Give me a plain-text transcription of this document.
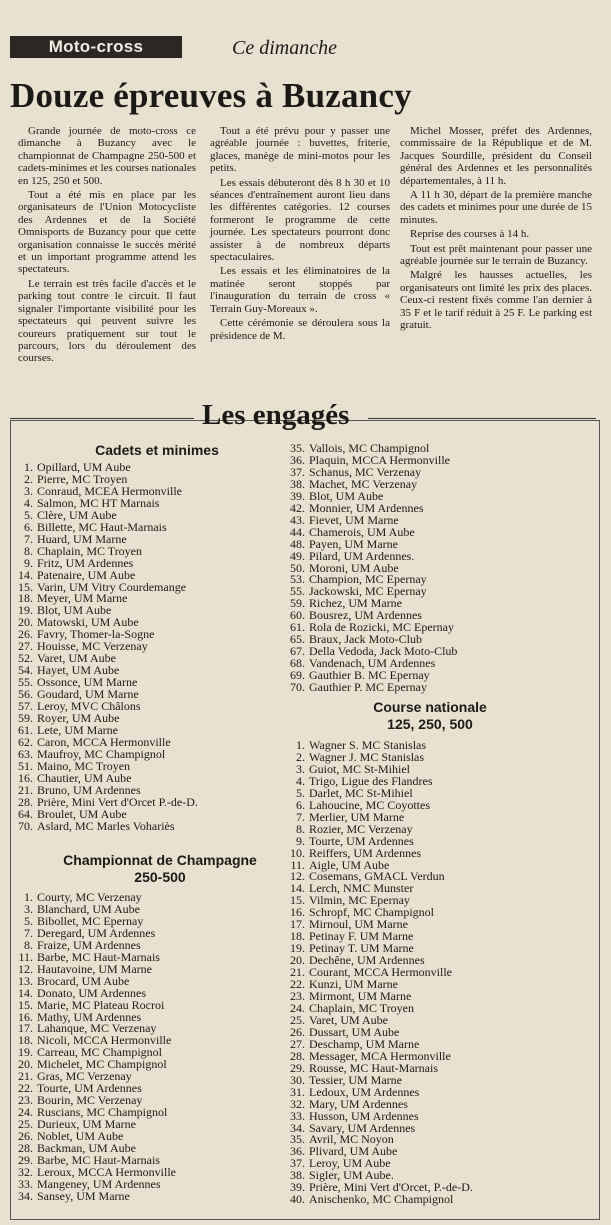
Moto-cross	Ce dimanche
Douze épreuves à Buzancy

Grande journée de moto-cross ce dimanche à Buzancy avec le championnat de Champagne 250-500 et cadets-minimes et les courses nationales en 125, 250 et 500.

Tout a été mis en place par les organisateurs de l'Union Motocycliste des Ardennes et de la Société Omnisports de Buzancy pour que cette organisation connaisse le succès mérité et un important programme attend les spectateurs.

Le terrain est très facile d'accès et le parking tout contre le circuit. Il faut signaler l'importante visibilité pour les spectateurs qui peuvent suivre les coureurs pratiquement sur tout le parcours, lors du déroulement des courses.

Tout a été prévu pour y passer une agréable journée : buvettes, friterie, glaces, manège de mini-motos pour les petits.

Les essais débuteront dès 8 h 30 et 10 séances d'entraînement auront lieu dans les différentes catégories. 12 courses formeront le programme de cette journée. Les spectateurs pourront donc assister à de nombreux départs spectaculaires.

Les essais et les éliminatoires de la matinée seront stoppés par l'inauguration du terrain de cross « Terrain Guy-Moreaux ».

Cette cérémonie se déroulera sous la présidence de M.

Michel Mosser, préfet des Ardennes, commissaire de la République et de M. Jacques Sourdille, président du Conseil général des Ardennes et les personnalités départementales, à 11 h.

A 11 h 30, départ de la première manche des cadets et minimes pour une durée de 15 minutes.

Reprise des courses à 14 h.

Tout est prêt maintenant pour passer une agréable journée sur le terrain de Buzancy.

Malgré les hausses actuelles, les organisateurs ont limité les prix des places. Ceux-ci restent fixés comme l'an dernier à 35 F et le tarif réduit à 25 F. Le parking est gratuit.

Les engagés
Cadets et minimes
1. Opillard, UM Aube
2. Pierre, MC Troyen
3. Conraud, MCEA Hermonville
4. Salmon, MC HT Marnais
5. Clère, UM Aube
6. Billette, MC Haut-Marnais
7. Huard, UM Marne
8. Chaplain, MC Troyen
9. Fritz, UM Ardennes
14. Patenaire, UM Aube
15. Varin, UM Vitry Courdemange
18. Meyer, UM Marne
19. Blot, UM Aube
20. Matowski, UM Aube
26. Favry, Thomer-la-Sogne
27. Houisse, MC Verzenay
52. Varet, UM Aube
54. Hayet, UM Aube
55. Ossonce, UM Marne
56. Goudard, UM Marne
57. Leroy, MVC Châlons
59. Royer, UM Aube
61. Lete, UM Marne
62. Caron, MCCA Hermonville
63. Maufroy, MC Champignol
51. Maino, MC Troyen
16. Chautier, UM Aube
21. Bruno, UM Ardennes
28. Prière, Mini Vert d'Orcet P.-de-D.
64. Broulet, UM Aube
70. Aslard, MC Marles Vohariès
Championnat de Champagne
250-500
1. Courty, MC Verzenay
3. Blanchard, UM Aube
5. Bibollet, MC Epernay
7. Deregard, UM Ardennes
8. Fraize, UM Ardennes
11. Barbe, MC Haut-Marnais
12. Hautavoine, UM Marne
13. Brocard, UM Aube
14. Donato, UM Ardennes
15. Marie, MC Plateau Rocroi
16. Mathy, UM Ardennes
17. Lahanque, MC Verzenay
18. Nicoli, MCCA Hermonville
19. Carreau, MC Champignol
20. Michelet, MC Champignol
21. Gras, MC Verzenay
22. Tourte, UM Ardennes
23. Bourin, MC Verzenay
24. Ruscians, MC Champignol
25. Durieux, UM Marne
26. Noblet, UM Aube
28. Backman, UM Aube
29. Barbe, MC Haut-Marnais
32. Leroux, MCCA Hermonville
33. Mangeney, UM Ardennes
34. Sansey, UM Marne
35. Vallois, MC Champignol
36. Plaquin, MCCA Hermonville
37. Schanus, MC Verzenay
38. Machet, MC Verzenay
39. Blot, UM Aube
42. Monnier, UM Ardennes
43. Fievet, UM Marne
44. Chamerois, UM Aube
48. Payen, UM Marne
49. Pilard, UM Ardennes.
50. Moroni, UM Aube
53. Champion, MC Epernay
55. Jackowski, MC Epernay
59. Richez, UM Marne
60. Bousrez, UM Ardennes
61. Rola de Rozicki, MC Epernay
65. Braux, Jack Moto-Club
67. Della Vedoda, Jack Moto-Club
68. Vandenach, UM Ardennes
69. Gauthier B. MC Epernay
70. Gauthier P. MC Epernay
Course nationale
125, 250, 500
1. Wagner S. MC Stanislas
2. Wagner J. MC Stanislas
3. Guiot, MC St-Mihiel
4. Trigo, Ligue des Flandres
5. Darlet, MC St-Mihiel
6. Lahoucine, MC Coyottes
7. Merlier, UM Marne
8. Rozier, MC Verzenay
9. Tourte, UM Ardennes
10. Reiffers, UM Ardennes
11. Aigle, UM Aube
12. Cosemans, GMACL Verdun
14. Lerch, NMC Munster
15. Vilmin, MC Epernay
16. Schropf, MC Champignol
17. Mirnoul, UM Marne
18. Petinay F. UM Marne
19. Petinay T. UM Marne
20. Dechêne, UM Ardennes
21. Courant, MCCA Hermonville
22. Kunzi, UM Marne
23. Mirmont, UM Marne
24. Chaplain, MC Troyen
25. Varet, UM Aube
26. Dussart, UM Aube
27. Deschamp, UM Marne
28. Messager, MCA Hermonville
29. Rousse, MC Haut-Marnais
30. Tessier, UM Marne
31. Ledoux, UM Ardennes
32. Mary, UM Ardennes
33. Husson, UM Ardennes
34. Savary, UM Ardennes
35. Avril, MC Noyon
36. Plivard, UM Aube
37. Leroy, UM Aube
38. Sigler, UM Aube.
39. Prière, Mini Vert d'Orcet, P.-de-D.
40. Anischenko, MC Champignol
